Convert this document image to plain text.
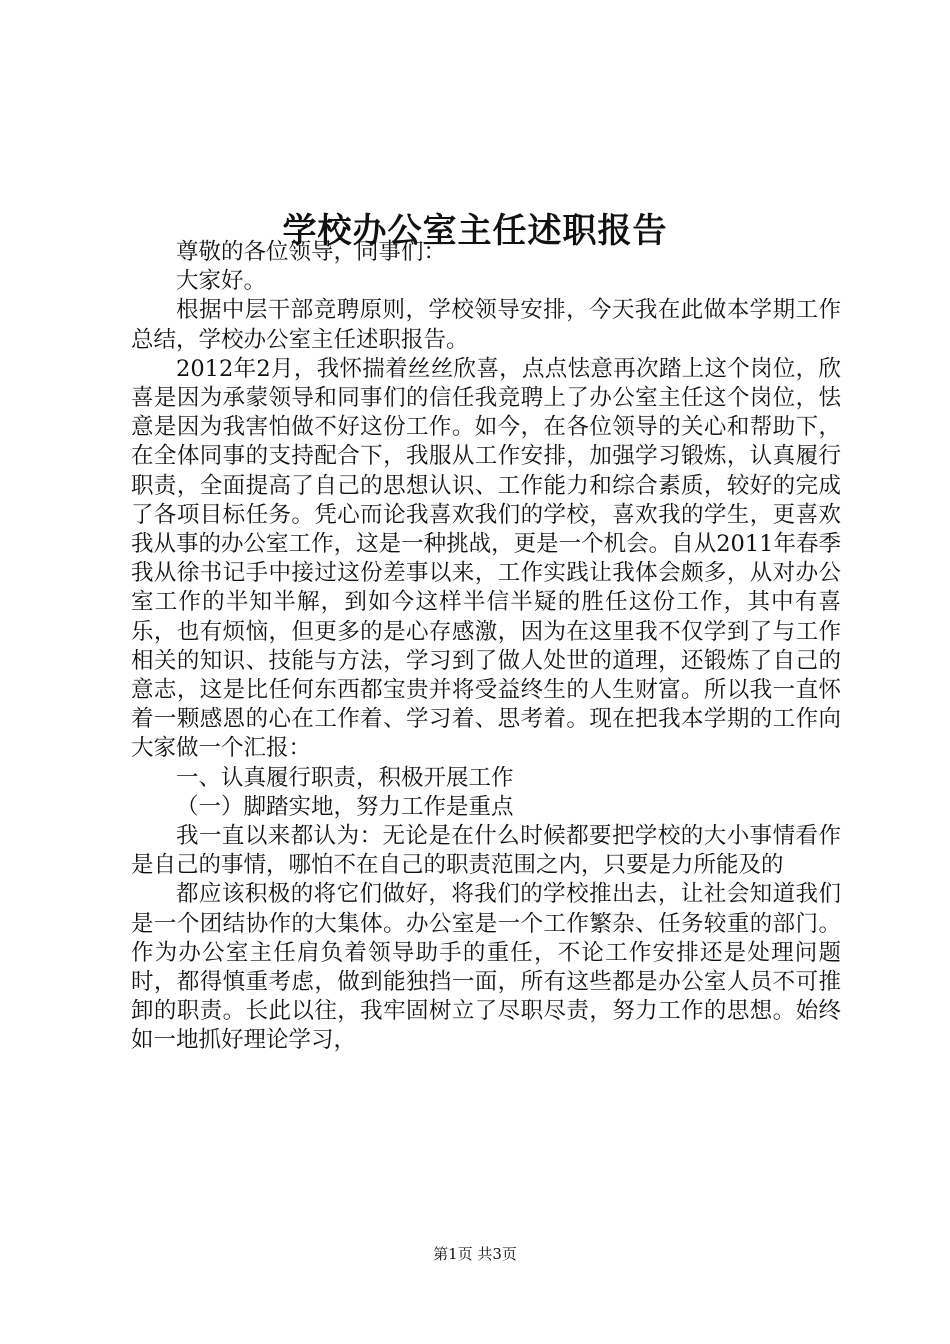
学校办公室主任述职报告

尊敬的各位领导，同事们：

大家好。

根据中层干部竞聘原则，学校领导安排，今天我在此做本学期工作总结，学校办公室主任述职报告。

2012年2月，我怀揣着丝丝欣喜，点点怯意再次踏上这个岗位，欣喜是因为承蒙领导和同事们的信任我竞聘上了办公室主任这个岗位，怯意是因为我害怕做不好这份工作。如今，在各位领导的关心和帮助下，在全体同事的支持配合下，我服从工作安排，加强学习锻炼，认真履行职责，全面提高了自己的思想认识、工作能力和综合素质，较好的完成了各项目标任务。凭心而论我喜欢我们的学校，喜欢我的学生，更喜欢我从事的办公室工作，这是一种挑战，更是一个机会。自从2011年春季我从徐书记手中接过这份差事以来，工作实践让我体会颇多，从对办公室工作的半知半解，到如今这样半信半疑的胜任这份工作，其中有喜乐，也有烦恼，但更多的是心存感激，因为在这里我不仅学到了与工作相关的知识、技能与方法，学习到了做人处世的道理，还锻炼了自己的意志，这是比任何东西都宝贵并将受益终生的人生财富。所以我一直怀着一颗感恩的心在工作着、学习着、思考着。现在把我本学期的工作向大家做一个汇报：

一、认真履行职责，积极开展工作

（一）脚踏实地，努力工作是重点

我一直以来都认为：无论是在什么时候都要把学校的大小事情看作是自己的事情，哪怕不在自己的职责范围之内，只要是力所能及的

都应该积极的将它们做好，将我们的学校推出去，让社会知道我们是一个团结协作的大集体。办公室是一个工作繁杂、任务较重的部门。作为办公室主任肩负着领导助手的重任，不论工作安排还是处理问题时，都得慎重考虑，做到能独挡一面，所有这些都是办公室人员不可推卸的职责。长此以往，我牢固树立了尽职尽责，努力工作的思想。始终如一地抓好理论学习，

第1页 共3页
